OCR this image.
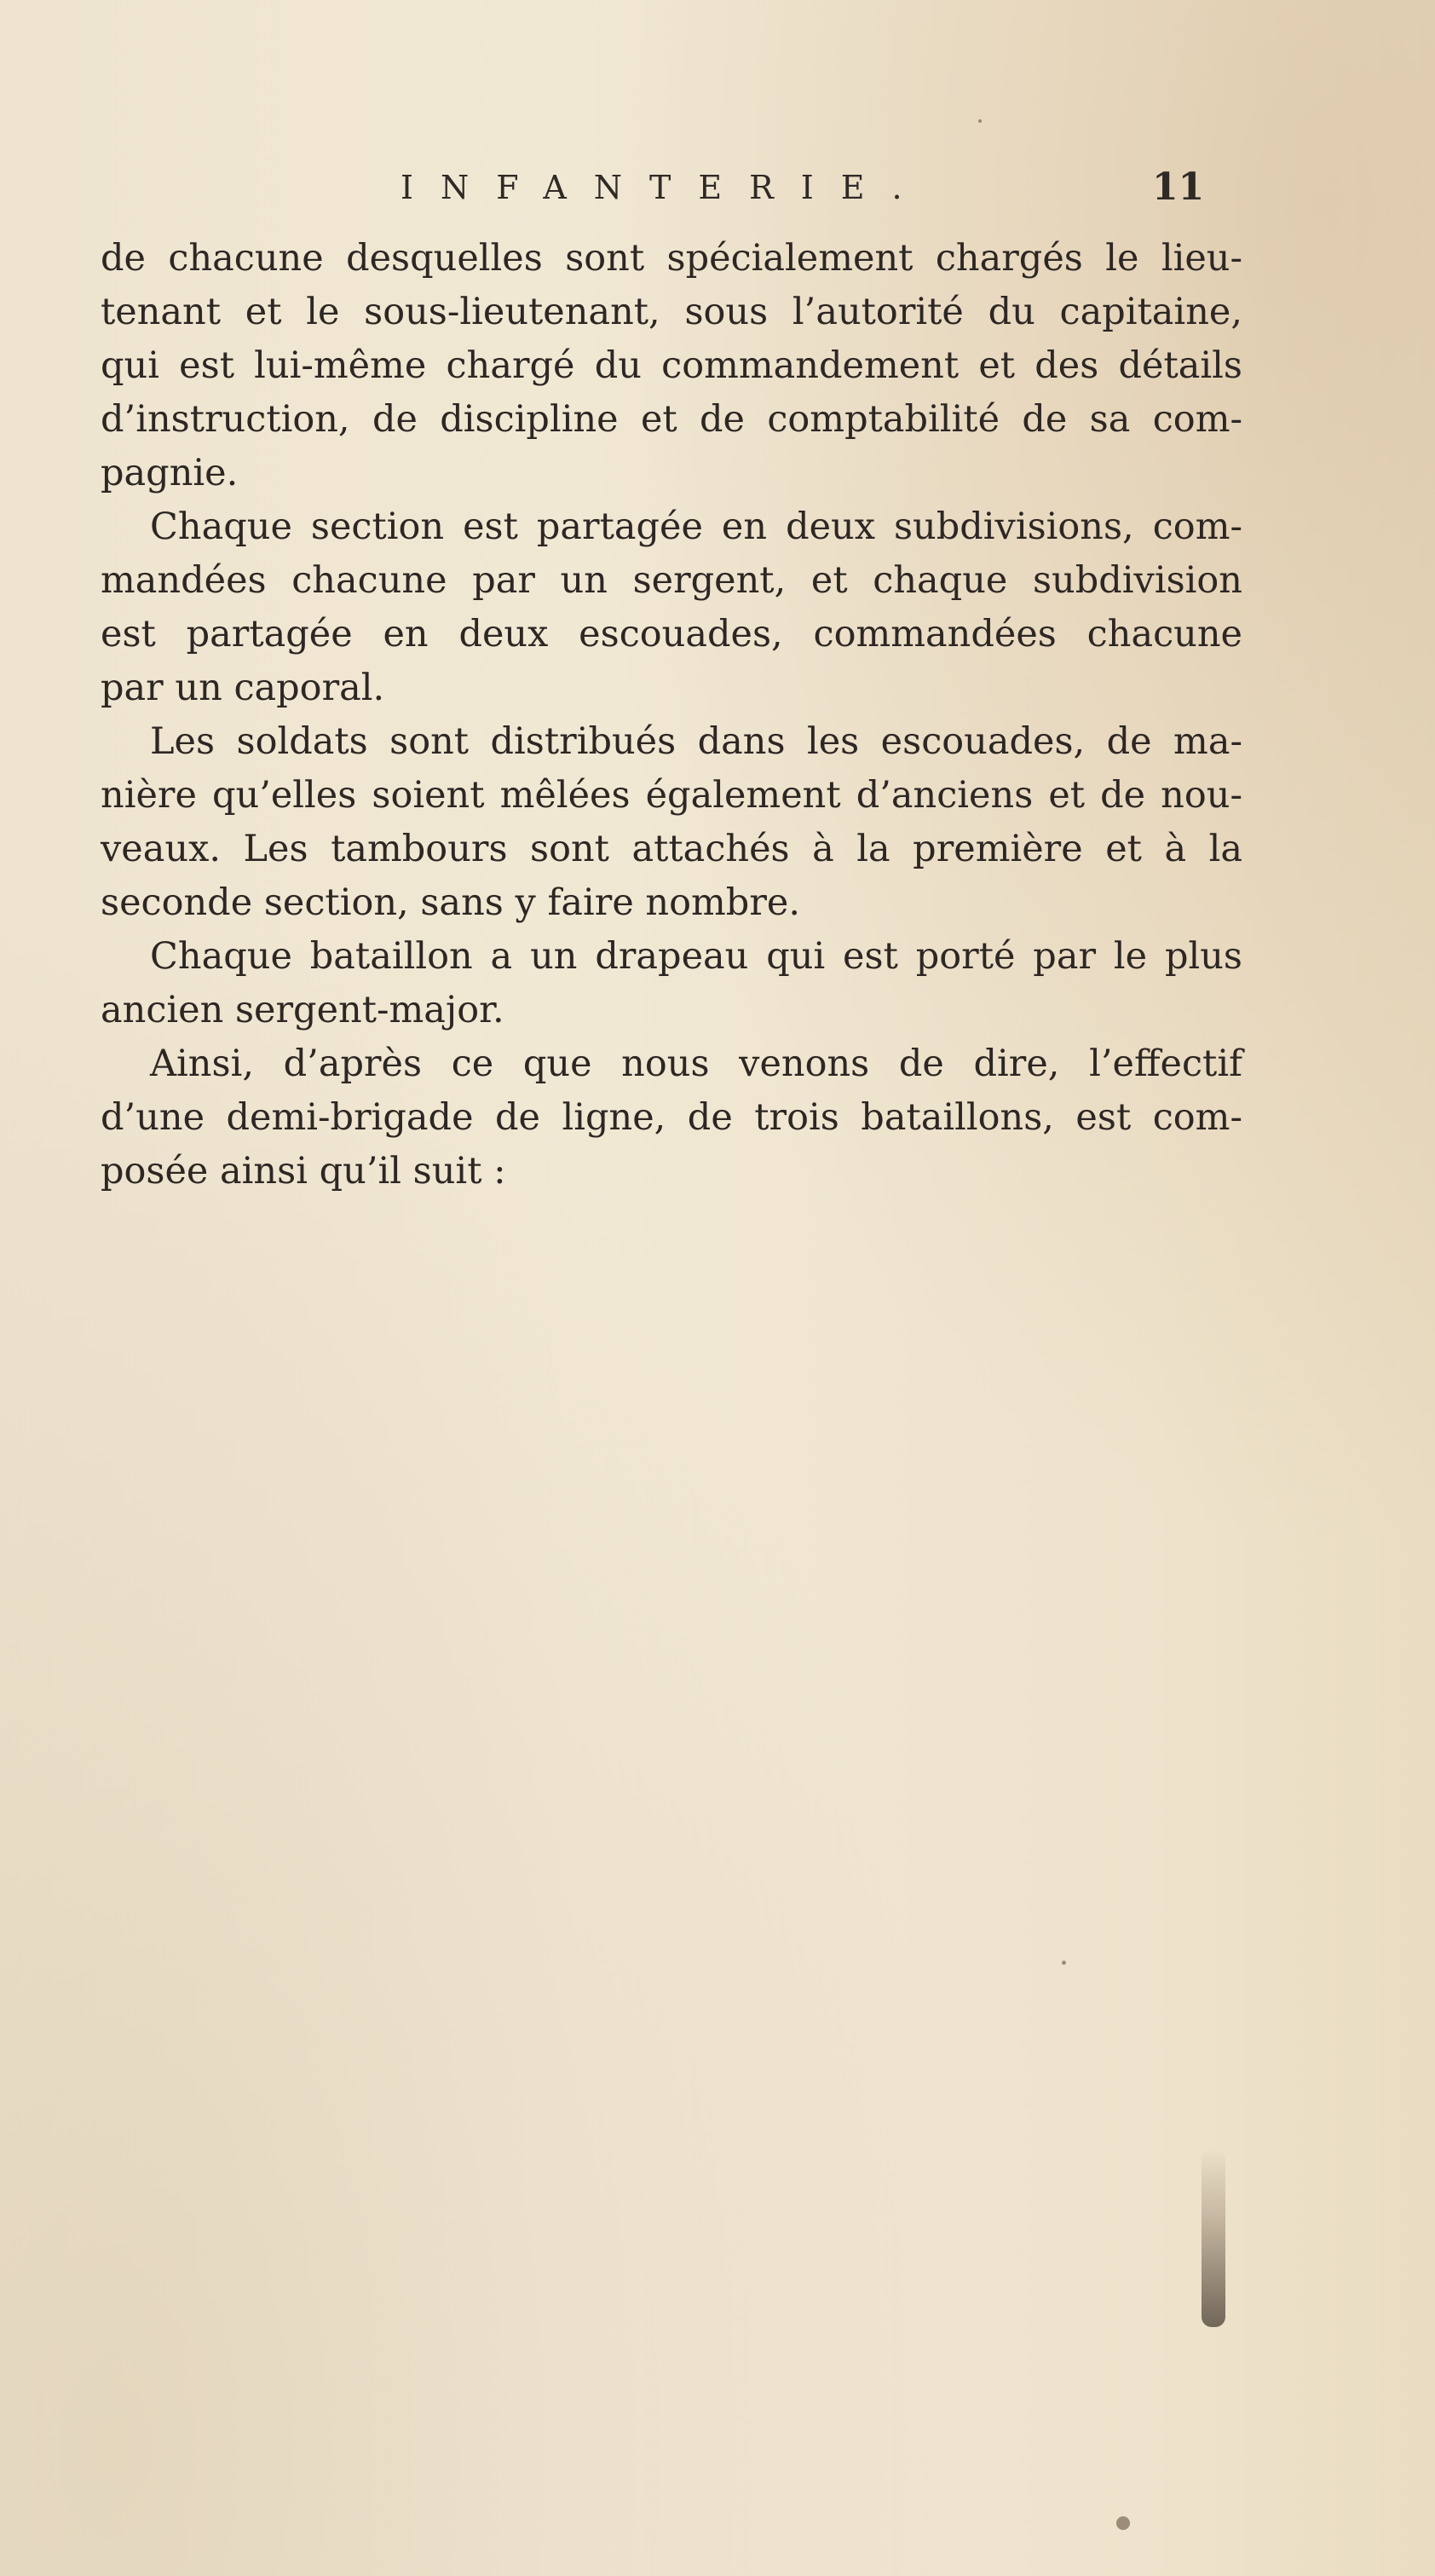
INFANTERIE.	11
de chacune desquelles sont spécialement chargés le lieu-
tenant et le sous-lieutenant, sous l’autorité du capitaine,
qui est lui-même chargé du commandement et des détails
d’instruction, de discipline et de comptabilité de sa com-
pagnie.
Chaque section est partagée en deux subdivisions, com-
mandées chacune par un sergent, et chaque subdivision
est partagée en deux escouades, commandées chacune
par un caporal.
Les soldats sont distribués dans les escouades, de ma-
nière qu’elles soient mêlées également d’anciens et de nou-
veaux. Les tambours sont attachés à la première et à la
seconde section, sans y faire nombre.
Chaque bataillon a un drapeau qui est porté par le plus
ancien sergent-major.
Ainsi, d’après ce que nous venons de dire, l’effectif
d’une demi-brigade de ligne, de trois bataillons, est com-
posée ainsi qu’il suit :
